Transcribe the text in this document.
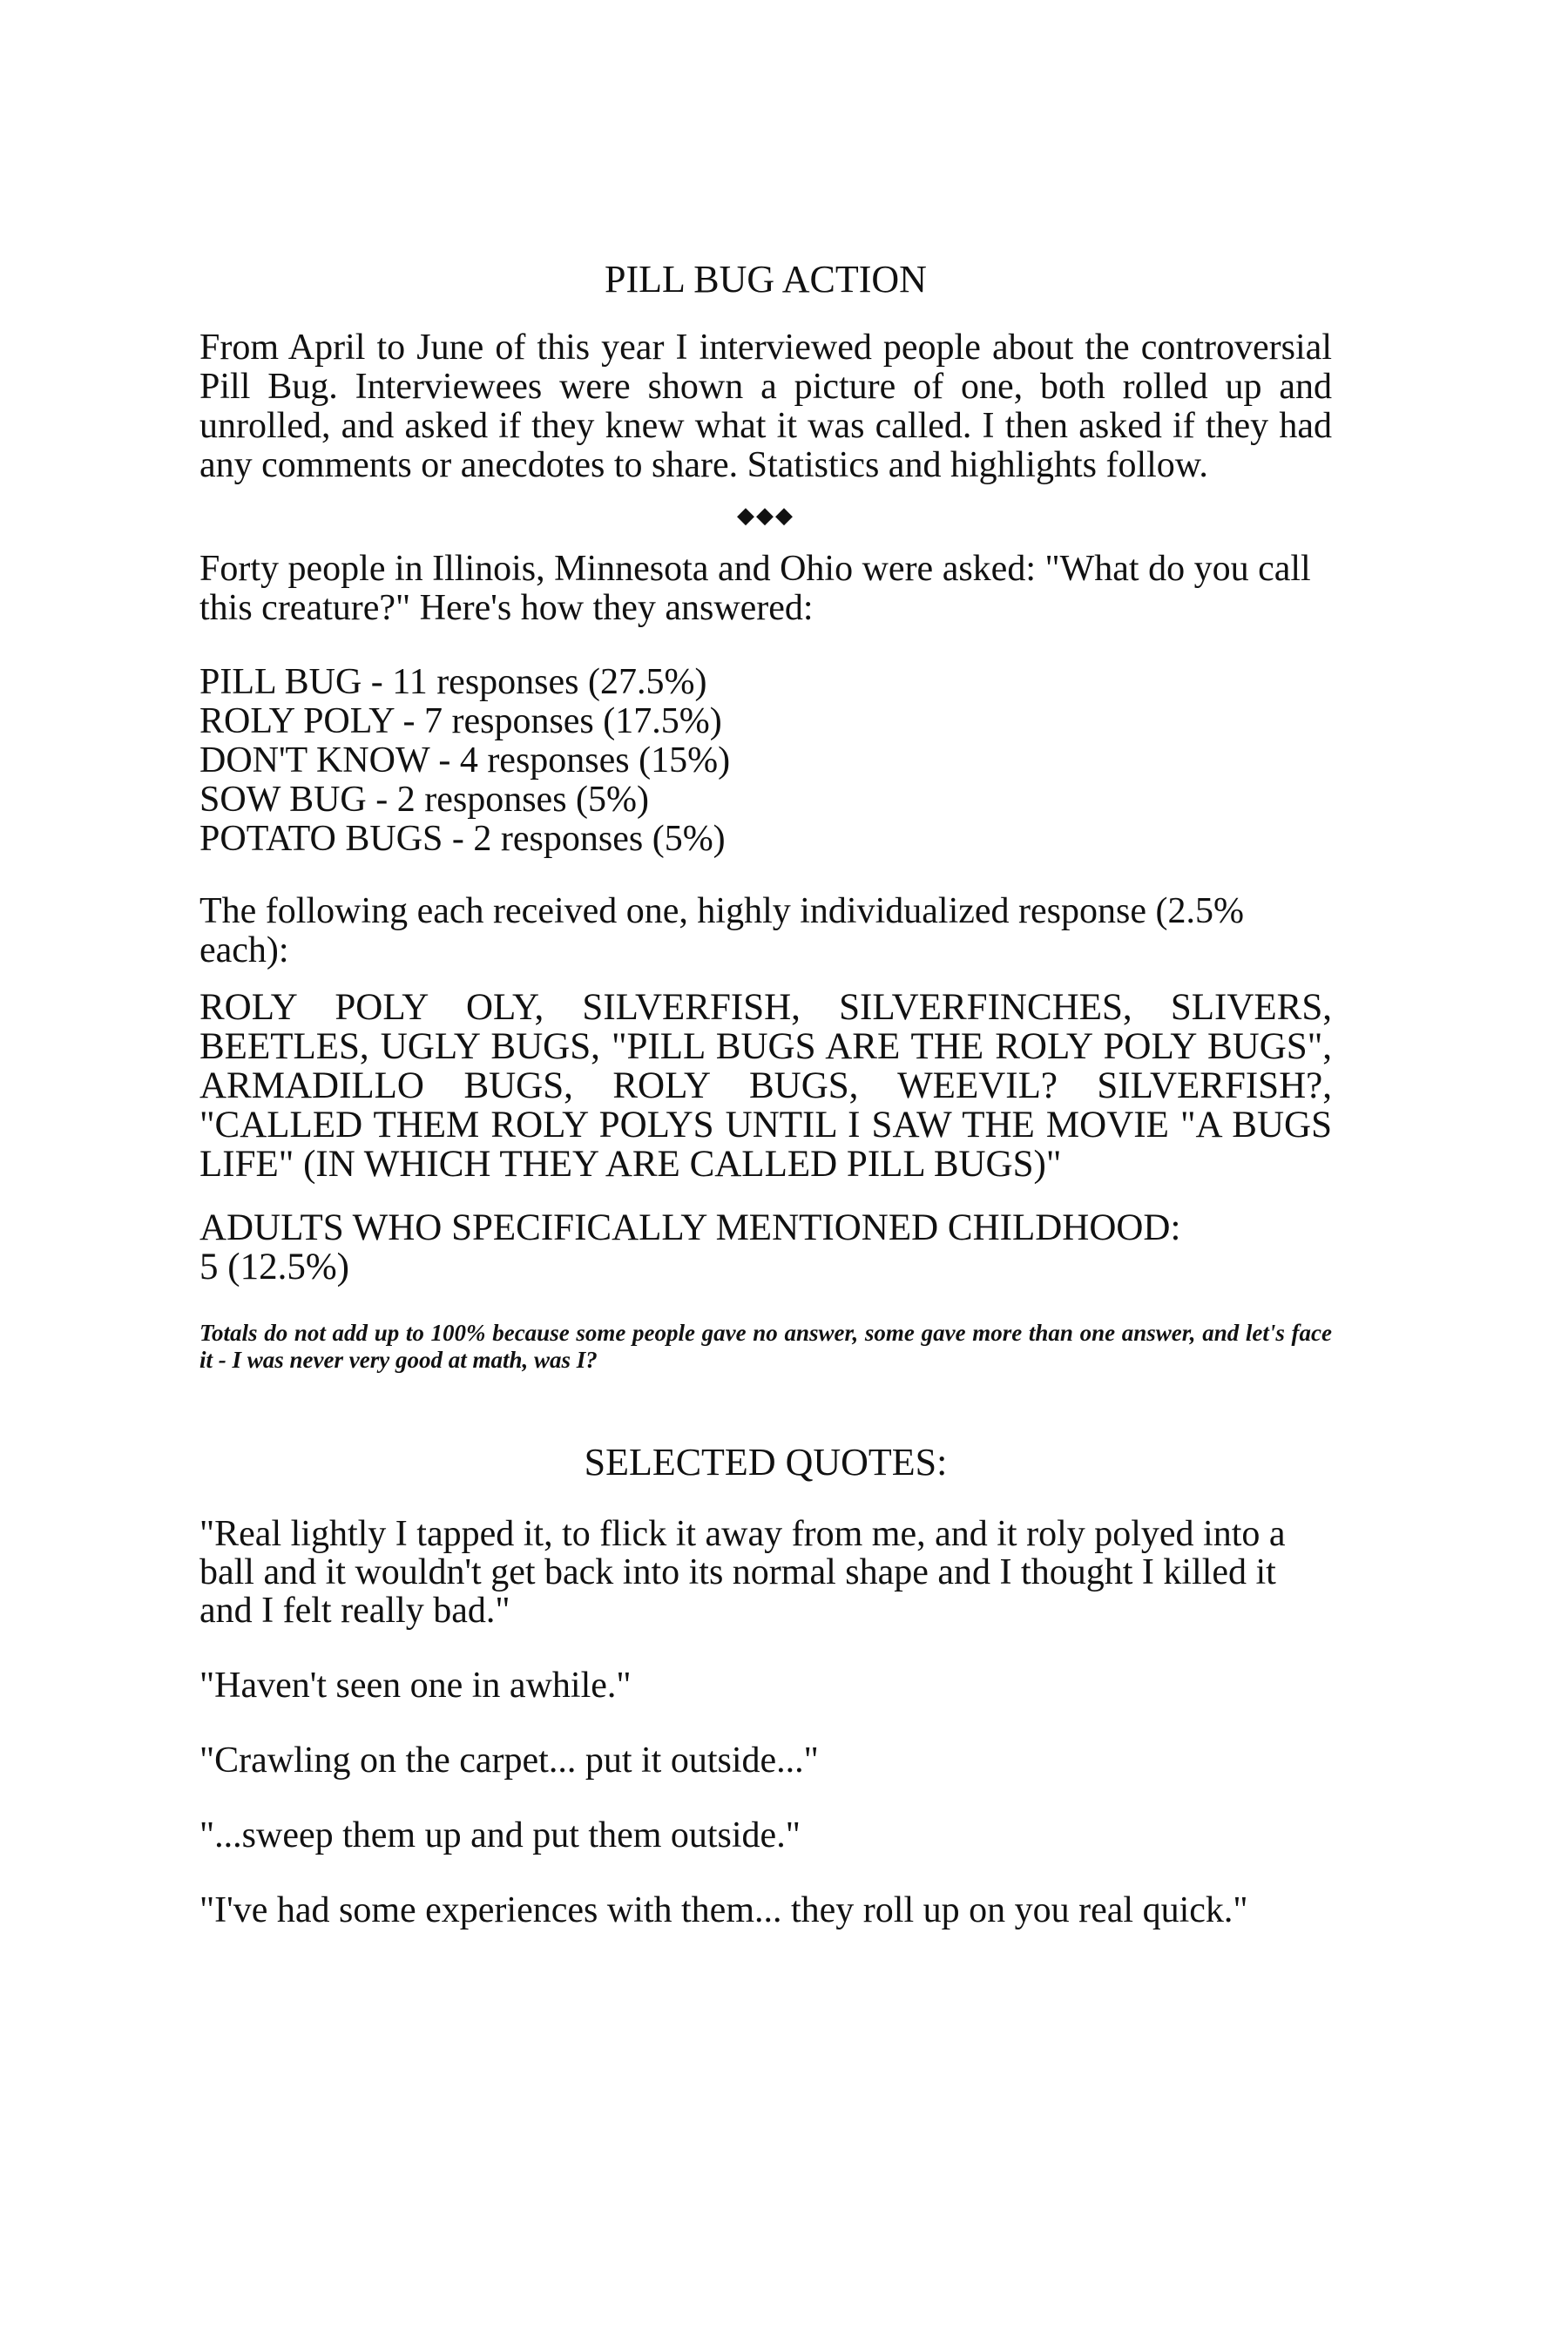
PILL BUG ACTION

From April to June of this year I interviewed people about the controversial Pill Bug. Interviewees were shown a picture of one, both rolled up and unrolled, and asked if they knew what it was called. I then asked if they had any comments or anecdotes to share. Statistics and highlights follow.

◆◆◆

Forty people in Illinois, Minnesota and Ohio were asked: "What do you call this creature?" Here's how they answered:

PILL BUG - 11 responses (27.5%)
ROLY POLY - 7 responses (17.5%)
DON'T KNOW - 4 responses (15%)
SOW BUG - 2 responses (5%)
POTATO BUGS - 2 responses (5%)

The following each received one, highly individualized response (2.5% each):

ROLY POLY OLY, SILVERFISH, SILVERFINCHES, SLIVERS, BEETLES, UGLY BUGS, "PILL BUGS ARE THE ROLY POLY BUGS", ARMADILLO BUGS, ROLY BUGS, WEEVIL? SILVERFISH?, "CALLED THEM ROLY POLYS UNTIL I SAW THE MOVIE "A BUGS LIFE" (IN WHICH THEY ARE CALLED PILL BUGS)"

ADULTS WHO SPECIFICALLY MENTIONED CHILDHOOD:
5 (12.5%)

Totals do not add up to 100% because some people gave no answer, some gave more than one answer, and let's face it - I was never very good at math, was I?

SELECTED QUOTES:

"Real lightly I tapped it, to flick it away from me, and it roly polyed into a ball and it wouldn't get back into its normal shape and I thought I killed it and I felt really bad."

"Haven't seen one in awhile."

"Crawling on the carpet... put it outside..."

"...sweep them up and put them outside."

"I've had some experiences with them... they roll up on you real quick."
